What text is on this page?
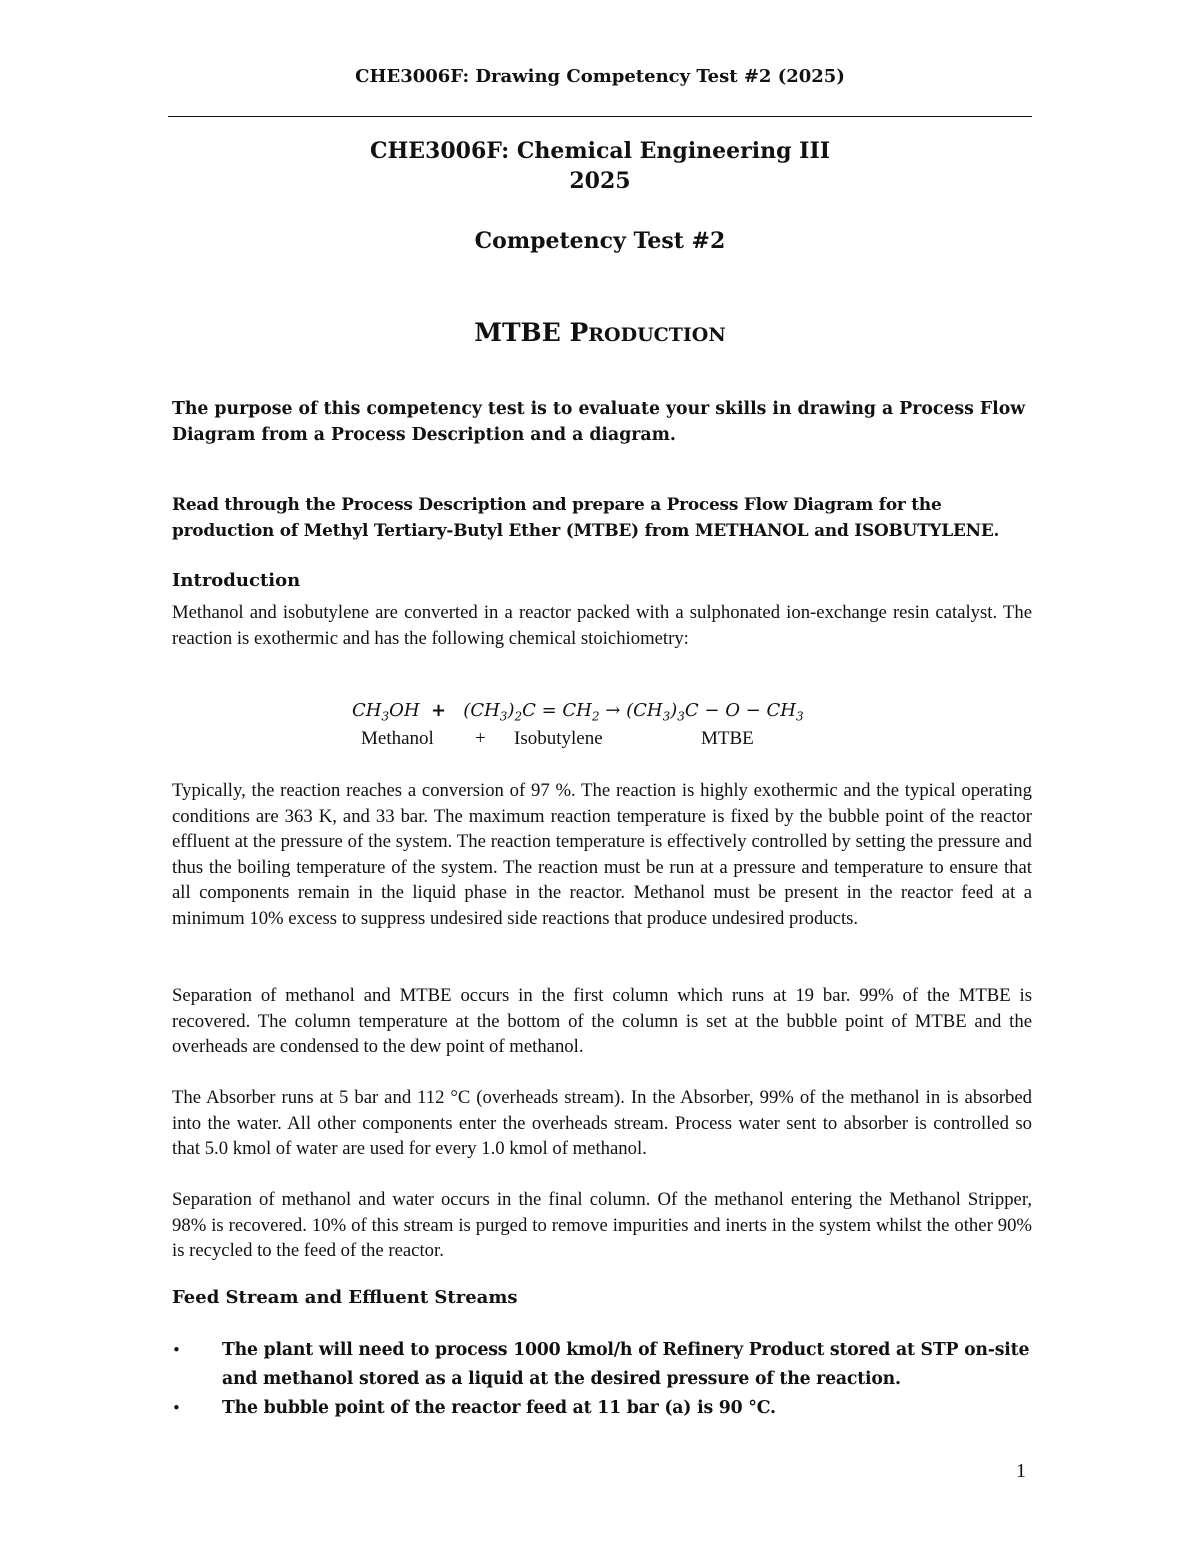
CHE3006F: Drawing Competency Test #2 (2025)
CHE3006F: Chemical Engineering III
2025
Competency Test #2
MTBE PRODUCTION
The purpose of this competency test is to evaluate your skills in drawing a Process Flow Diagram from a Process Description and a diagram.
Read through the Process Description and prepare a Process Flow Diagram for the production of Methyl Tertiary-Butyl Ether (MTBE) from METHANOL and ISOBUTYLENE.
Introduction
Methanol and isobutylene are converted in a reactor packed with a sulphonated ion-exchange resin catalyst. The reaction is exothermic and has the following chemical stoichiometry:
$CH_3OH + (CH_3)_2C = CH_2 \to (CH_3)_3C - O - CH_3$
Methanol + Isobutylene	MTBE
Typically, the reaction reaches a conversion of 97 %. The reaction is highly exothermic and the typical operating conditions are 363 K, and 33 bar. The maximum reaction temperature is fixed by the bubble point of the reactor effluent at the pressure of the system. The reaction temperature is effectively controlled by setting the pressure and thus the boiling temperature of the system. The reaction must be run at a pressure and temperature to ensure that all components remain in the liquid phase in the reactor. Methanol must be present in the reactor feed at a minimum 10% excess to suppress undesired side reactions that produce undesired products.
Separation of methanol and MTBE occurs in the first column which runs at 19 bar. 99% of the MTBE is recovered. The column temperature at the bottom of the column is set at the bubble point of MTBE and the overheads are condensed to the dew point of methanol.
The Absorber runs at 5 bar and 112 °C (overheads stream). In the Absorber, 99% of the methanol in is absorbed into the water. All other components enter the overheads stream. Process water sent to absorber is controlled so that 5.0 kmol of water are used for every 1.0 kmol of methanol.
Separation of methanol and water occurs in the final column. Of the methanol entering the Methanol Stripper, 98% is recovered. 10% of this stream is purged to remove impurities and inerts in the system whilst the other 90% is recycled to the feed of the reactor.
Feed Stream and Effluent Streams
• The plant will need to process 1000 kmol/h of Refinery Product stored at STP on-site and methanol stored as a liquid at the desired pressure of the reaction.
• The bubble point of the reactor feed at 11 bar (a) is 90 °C.
1
